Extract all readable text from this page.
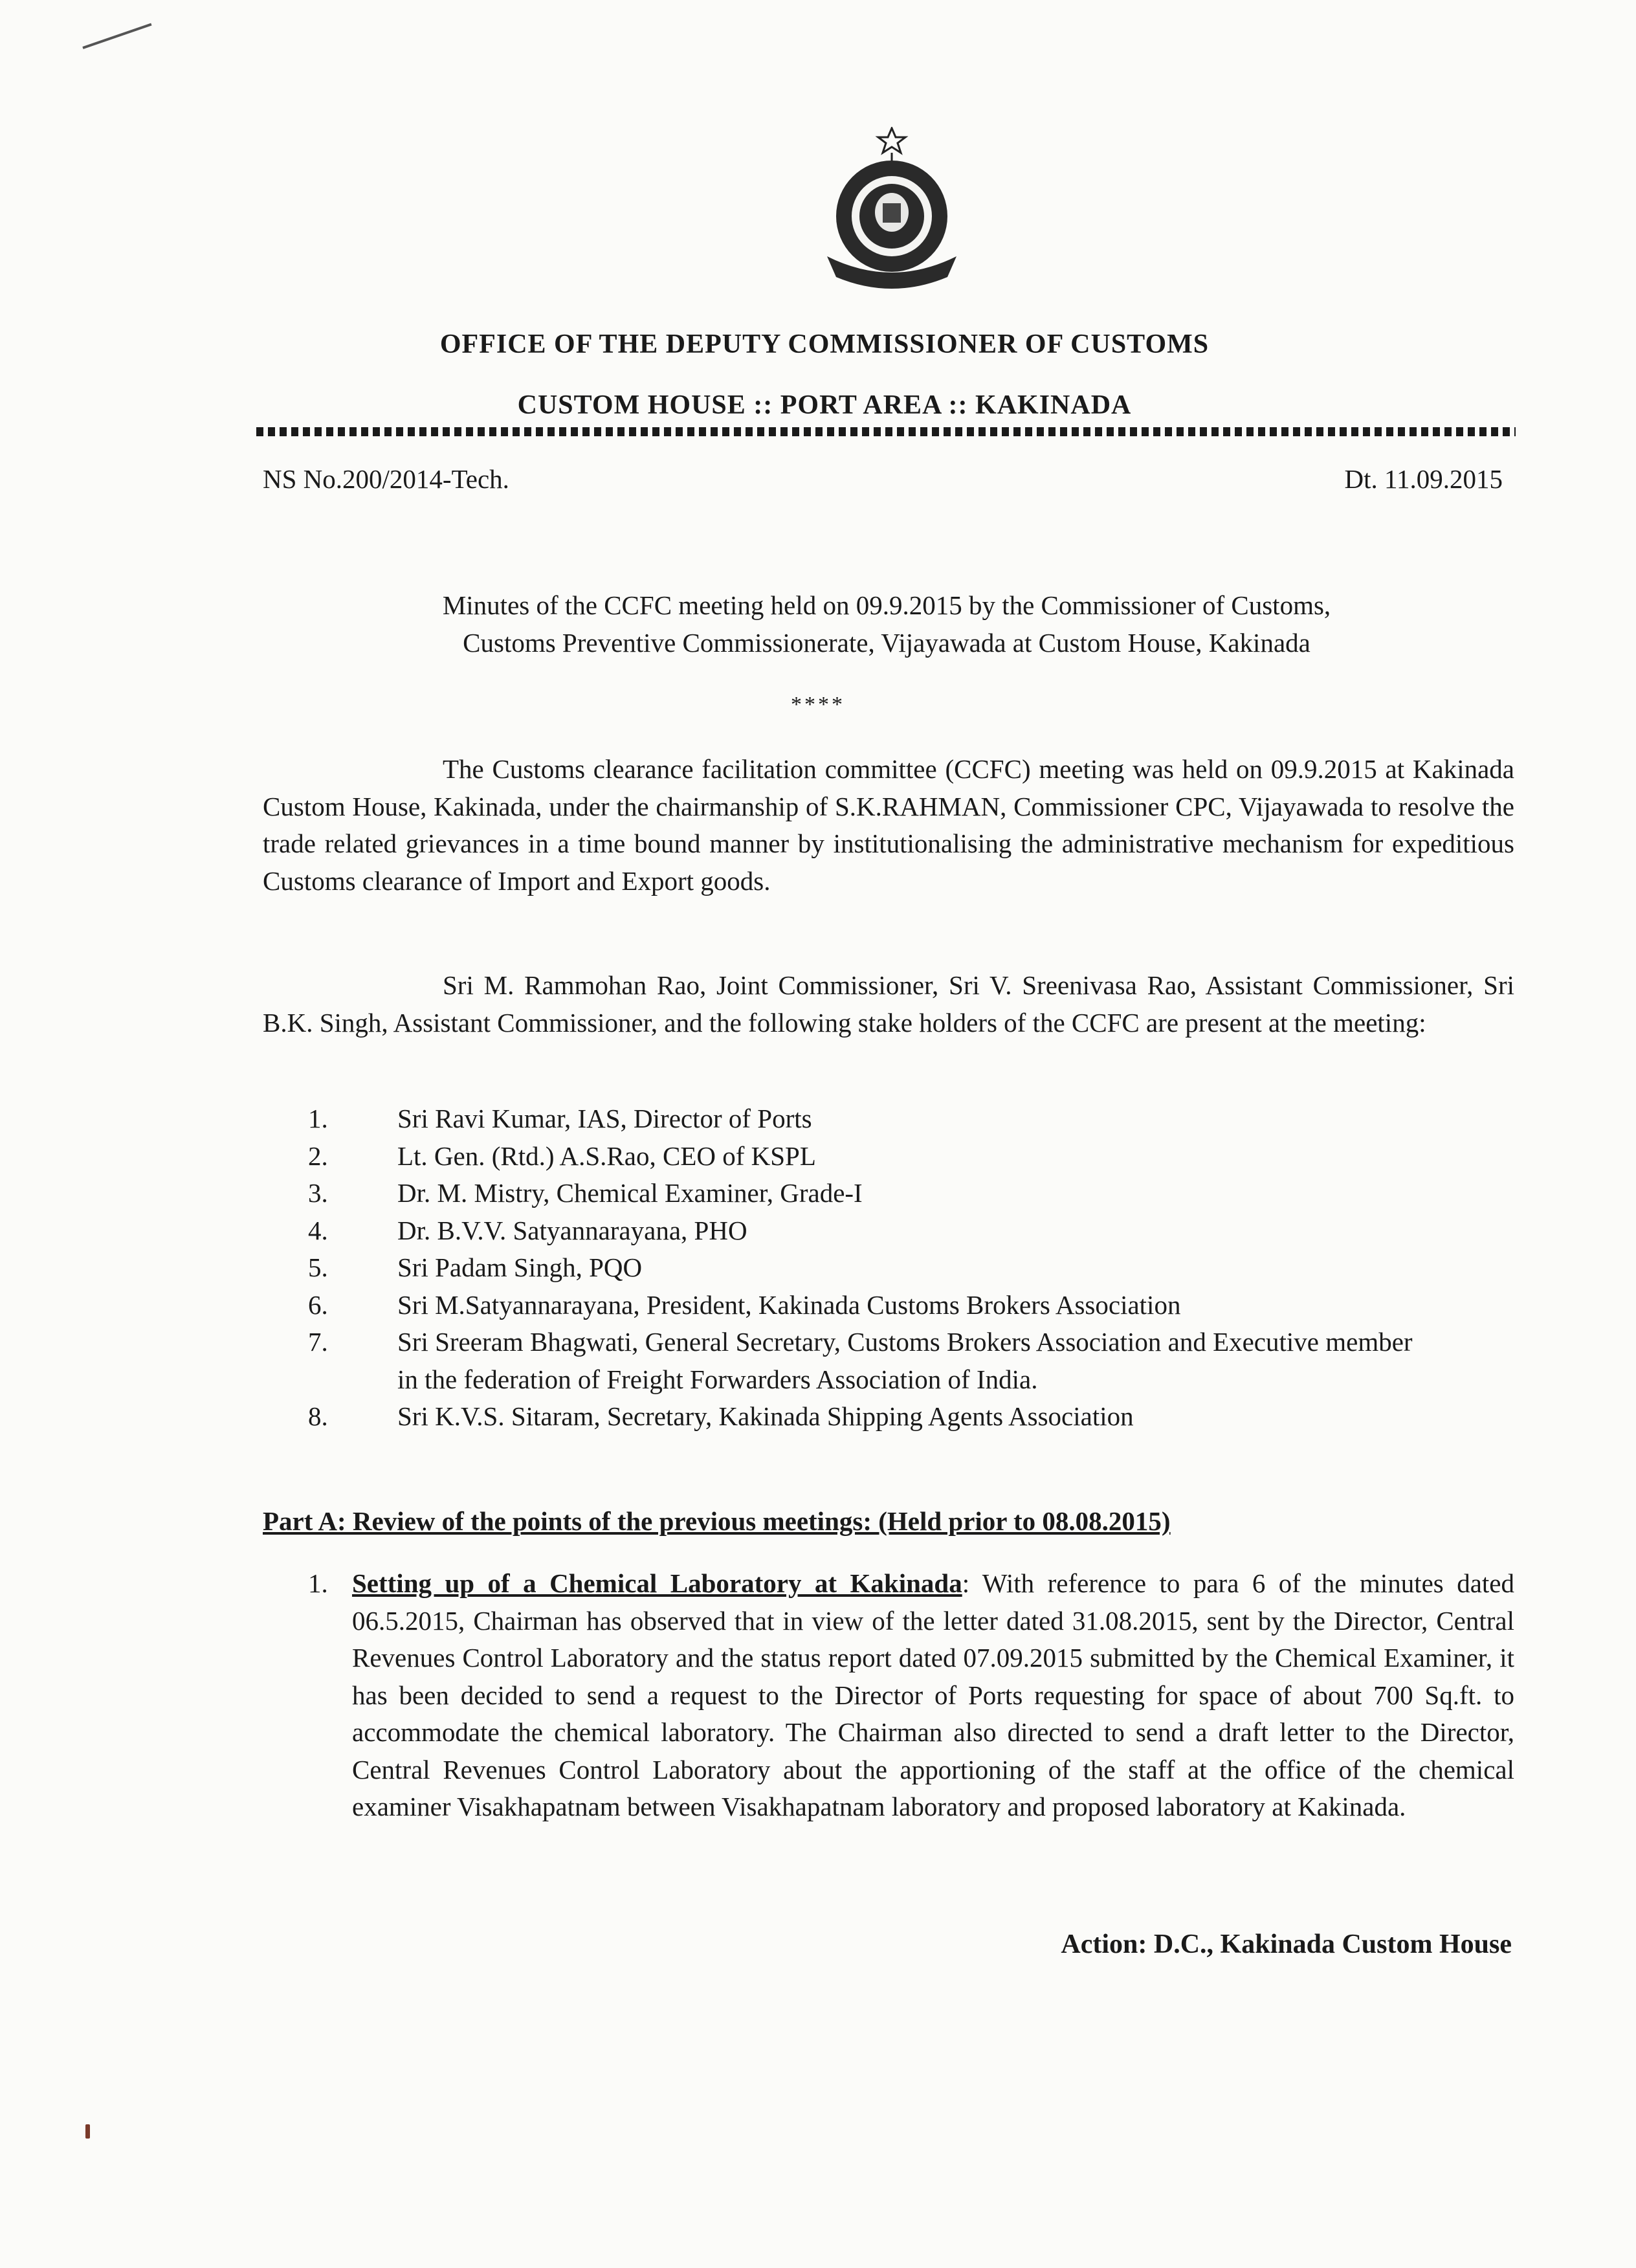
OFFICE OF THE DEPUTY COMMISSIONER OF CUSTOMS
CUSTOM HOUSE :: PORT AREA :: KAKINADA
NS No.200/2014-Tech.	Dt. 11.09.2015
Minutes of the CCFC meeting held on 09.9.2015 by the Commissioner of Customs,
Customs Preventive Commissionerate, Vijayawada at Custom House, Kakinada
****
The Customs clearance facilitation committee (CCFC) meeting was held on 09.9.2015 at Kakinada Custom House, Kakinada, under the chairmanship of S.K.RAHMAN, Commissioner CPC, Vijayawada to resolve the trade related grievances in a time bound manner by institutionalising the administrative mechanism for expeditious Customs clearance of Import and Export goods.
Sri M. Rammohan Rao, Joint Commissioner, Sri V. Sreenivasa Rao, Assistant Commissioner, Sri B.K. Singh, Assistant Commissioner, and the following stake holders of the CCFC are present at the meeting:
1.	Sri Ravi Kumar, IAS, Director of Ports
2.	Lt. Gen. (Rtd.) A.S.Rao, CEO of KSPL
3.	Dr. M. Mistry, Chemical Examiner, Grade-I
4.	Dr. B.V.V. Satyannarayana, PHO
5.	Sri Padam Singh, PQO
6.	Sri M.Satyannarayana, President, Kakinada Customs Brokers Association
7.	Sri Sreeram Bhagwati, General Secretary, Customs Brokers Association and Executive member in the federation of Freight Forwarders Association of India.
8.	Sri K.V.S. Sitaram, Secretary, Kakinada Shipping Agents Association
Part A: Review of the points of the previous meetings: (Held prior to 08.08.2015)
1. Setting up of a Chemical Laboratory at Kakinada: With reference to para 6 of the minutes dated 06.5.2015, Chairman has observed that in view of the letter dated 31.08.2015, sent by the Director, Central Revenues Control Laboratory and the status report dated 07.09.2015 submitted by the Chemical Examiner, it has been decided to send a request to the Director of Ports requesting for space of about 700 Sq.ft. to accommodate the chemical laboratory. The Chairman also directed to send a draft letter to the Director, Central Revenues Control Laboratory about the apportioning of the staff at the office of the chemical examiner Visakhapatnam between Visakhapatnam laboratory and proposed laboratory at Kakinada.
Action: D.C., Kakinada Custom House
